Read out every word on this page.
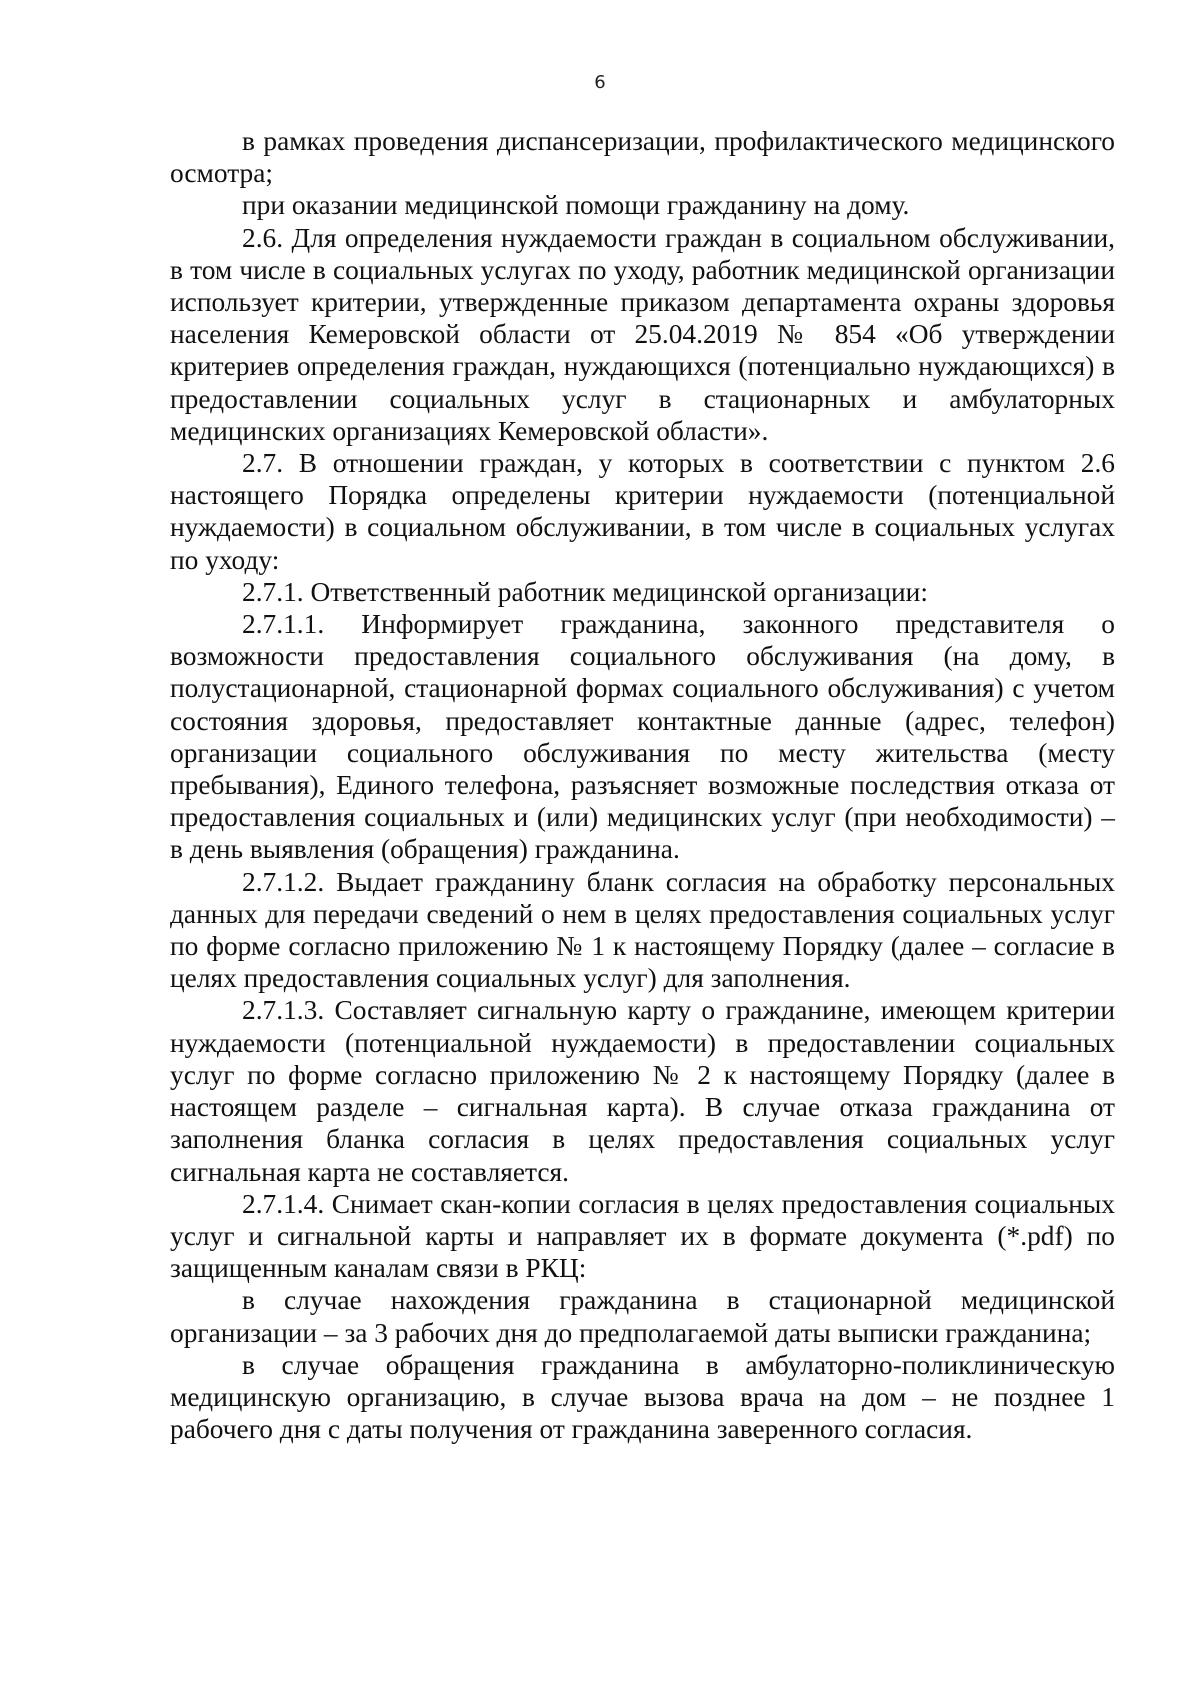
6

в рамках проведения диспансеризации, профилактического медицинского осмотра;

при оказании медицинской помощи гражданину на дому.

2.6. Для определения нуждаемости граждан в социальном обслуживании, в том числе в социальных услугах по уходу, работник медицинской организации использует критерии, утвержденные приказом департамента охраны здоровья населения Кемеровской области от 25.04.2019 № 854 «Об утверждении критериев определения граждан, нуждающихся (потенциально нуждающихся) в предоставлении социальных услуг в стационарных и амбулаторных медицинских организациях Кемеровской области».

2.7. В отношении граждан, у которых в соответствии с пунктом 2.6 настоящего Порядка определены критерии нуждаемости (потенциальной нуждаемости) в социальном обслуживании, в том числе в социальных услугах по уходу:

2.7.1. Ответственный работник медицинской организации:

2.7.1.1. Информирует гражданина, законного представителя о возможности предоставления социального обслуживания (на дому, в полустационарной, стационарной формах социального обслуживания) с учетом состояния здоровья, предоставляет контактные данные (адрес, телефон) организации социального обслуживания по месту жительства (месту пребывания), Единого телефона, разъясняет возможные последствия отказа от предоставления социальных и (или) медицинских услуг (при необходимости) – в день выявления (обращения) гражданина.

2.7.1.2. Выдает гражданину бланк согласия на обработку персональных данных для передачи сведений о нем в целях предоставления социальных услуг по форме согласно приложению № 1 к настоящему Порядку (далее – согласие в целях предоставления социальных услуг) для заполнения.

2.7.1.3. Составляет сигнальную карту о гражданине, имеющем критерии нуждаемости (потенциальной нуждаемости) в предоставлении социальных услуг по форме согласно приложению № 2 к настоящему Порядку (далее в настоящем разделе – сигнальная карта). В случае отказа гражданина от заполнения бланка согласия в целях предоставления социальных услуг сигнальная карта не составляется.

2.7.1.4. Снимает скан-копии согласия в целях предоставления социальных услуг и сигнальной карты и направляет их в формате документа (*.pdf) по защищенным каналам связи в РКЦ:

в случае нахождения гражданина в стационарной медицинской организации – за 3 рабочих дня до предполагаемой даты выписки гражданина;

в случае обращения гражданина в амбулаторно-поликлиническую медицинскую организацию, в случае вызова врача на дом – не позднее 1 рабочего дня с даты получения от гражданина заверенного согласия.
